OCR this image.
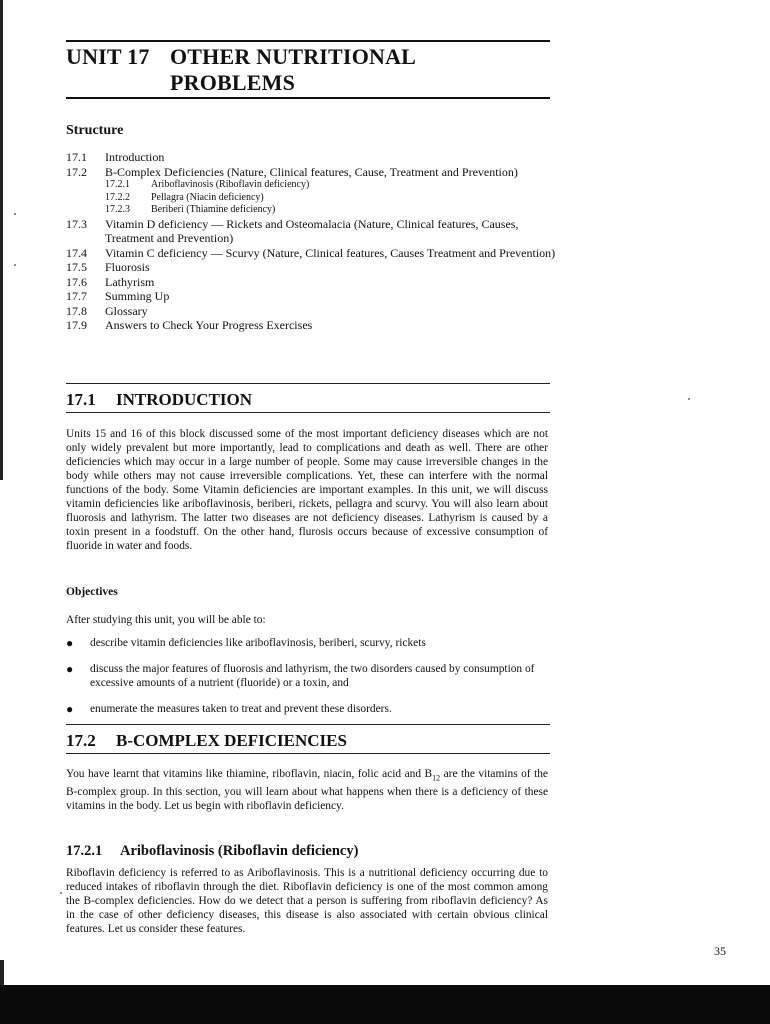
UNIT 17 OTHER NUTRITIONAL
PROBLEMS
Structure
17.1	Introduction
17.2	B-Complex Deficiencies (Nature, Clinical features, Cause, Treatment and Prevention)
17.2.1	Ariboflavinosis (Riboflavin deficiency)
17.2.2	Pellagra (Niacin deficiency)
17.2.3	Beriberi (Thiamine deficiency)
17.3	Vitamin D deficiency — Rickets and Osteomalacia (Nature, Clinical features, Causes, Treatment and Prevention)
17.4	Vitamin C deficiency — Scurvy (Nature, Clinical features, Causes Treatment and Prevention)
17.5	Fluorosis
17.6	Lathyrism
17.7	Summing Up
17.8	Glossary
17.9	Answers to Check Your Progress Exercises
17.1 INTRODUCTION
Units 15 and 16 of this block discussed some of the most important deficiency diseases which are not only widely prevalent but more importantly, lead to complications and death as well. There are other deficiencies which may occur in a large number of people. Some may cause irreversible changes in the body while others may not cause irreversible complications. Yet, these can interfere with the normal functions of the body. Some Vitamin deficiencies are important examples. In this unit, we will discuss vitamin deficiencies like ariboflavinosis, beriberi, rickets, pellagra and scurvy. You will also learn about fluorosis and lathyrism. The latter two diseases are not deficiency diseases. Lathyrism is caused by a toxin present in a foodstuff. On the other hand, flurosis occurs because of excessive consumption of fluoride in water and foods.
Objectives
After studying this unit, you will be able to:
●	describe vitamin deficiencies like ariboflavinosis, beriberi, scurvy, rickets
●	discuss the major features of fluorosis and lathyrism, the two disorders caused by consumption of excessive amounts of a nutrient (fluoride) or a toxin, and
●	enumerate the measures taken to treat and prevent these disorders.
17.2 B-COMPLEX DEFICIENCIES
You have learnt that vitamins like thiamine, riboflavin, niacin, folic acid and $B_{12}$ are the vitamins of the B-complex group. In this section, you will learn about what happens when there is a deficiency of these vitamins in the body. Let us begin with riboflavin deficiency.
17.2.1 Ariboflavinosis (Riboflavin deficiency)
Riboflavin deficiency is referred to as Ariboflavinosis. This is a nutritional deficiency occurring due to reduced intakes of riboflavin through the diet. Riboflavin deficiency is one of the most common among the B-complex deficiencies. How do we detect that a person is suffering from riboflavin deficiency? As in the case of other deficiency diseases, this disease is also associated with certain obvious clinical features. Let us consider these features.
35
